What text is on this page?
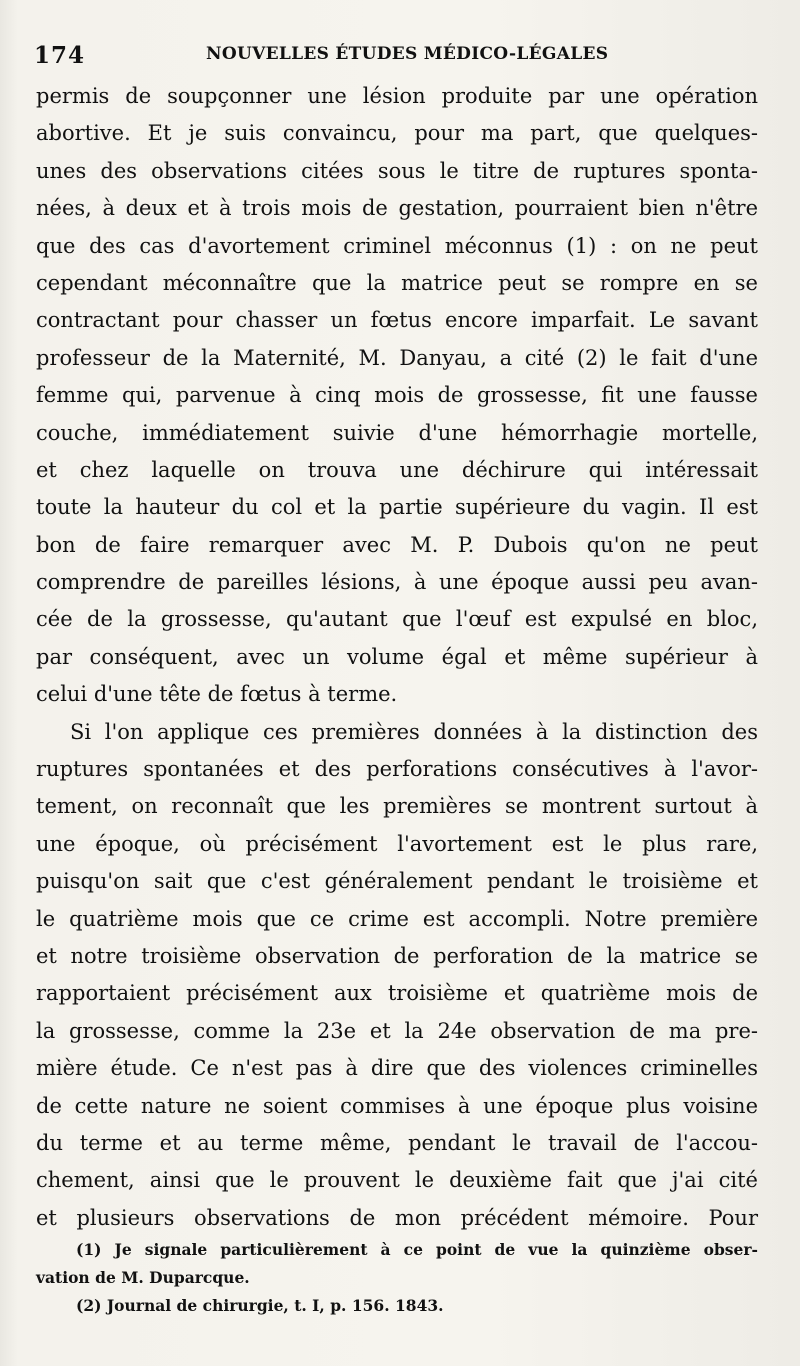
174	NOUVELLES ÉTUDES MÉDICO-LÉGALES
permis de soupçonner une lésion produite par une opération
abortive. Et je suis convaincu, pour ma part, que quelques-
unes des observations citées sous le titre de ruptures sponta-
nées, à deux et à trois mois de gestation, pourraient bien n'être
que des cas d'avortement criminel méconnus (1) : on ne peut
cependant méconnaître que la matrice peut se rompre en se
contractant pour chasser un fœtus encore imparfait. Le savant
professeur de la Maternité, M. Danyau, a cité (2) le fait d'une
femme qui, parvenue à cinq mois de grossesse, fit une fausse
couche, immédiatement suivie d'une hémorrhagie mortelle,
et chez laquelle on trouva une déchirure qui intéressait
toute la hauteur du col et la partie supérieure du vagin. Il est
bon de faire remarquer avec M. P. Dubois qu'on ne peut
comprendre de pareilles lésions, à une époque aussi peu avan-
cée de la grossesse, qu'autant que l'œuf est expulsé en bloc,
par conséquent, avec un volume égal et même supérieur à
celui d'une tête de fœtus à terme.
Si l'on applique ces premières données à la distinction des
ruptures spontanées et des perforations consécutives à l'avor-
tement, on reconnaît que les premières se montrent surtout à
une époque, où précisément l'avortement est le plus rare,
puisqu'on sait que c'est généralement pendant le troisième et
le quatrième mois que ce crime est accompli. Notre première
et notre troisième observation de perforation de la matrice se
rapportaient précisément aux troisième et quatrième mois de
la grossesse, comme la 23e et la 24e observation de ma pre-
mière étude. Ce n'est pas à dire que des violences criminelles
de cette nature ne soient commises à une époque plus voisine
du terme et au terme même, pendant le travail de l'accou-
chement, ainsi que le prouvent le deuxième fait que j'ai cité
et plusieurs observations de mon précédent mémoire. Pour
(1) Je signale particulièrement à ce point de vue la quinzième obser-
vation de M. Duparcque.
(2) Journal de chirurgie, t. I, p. 156. 1843.
